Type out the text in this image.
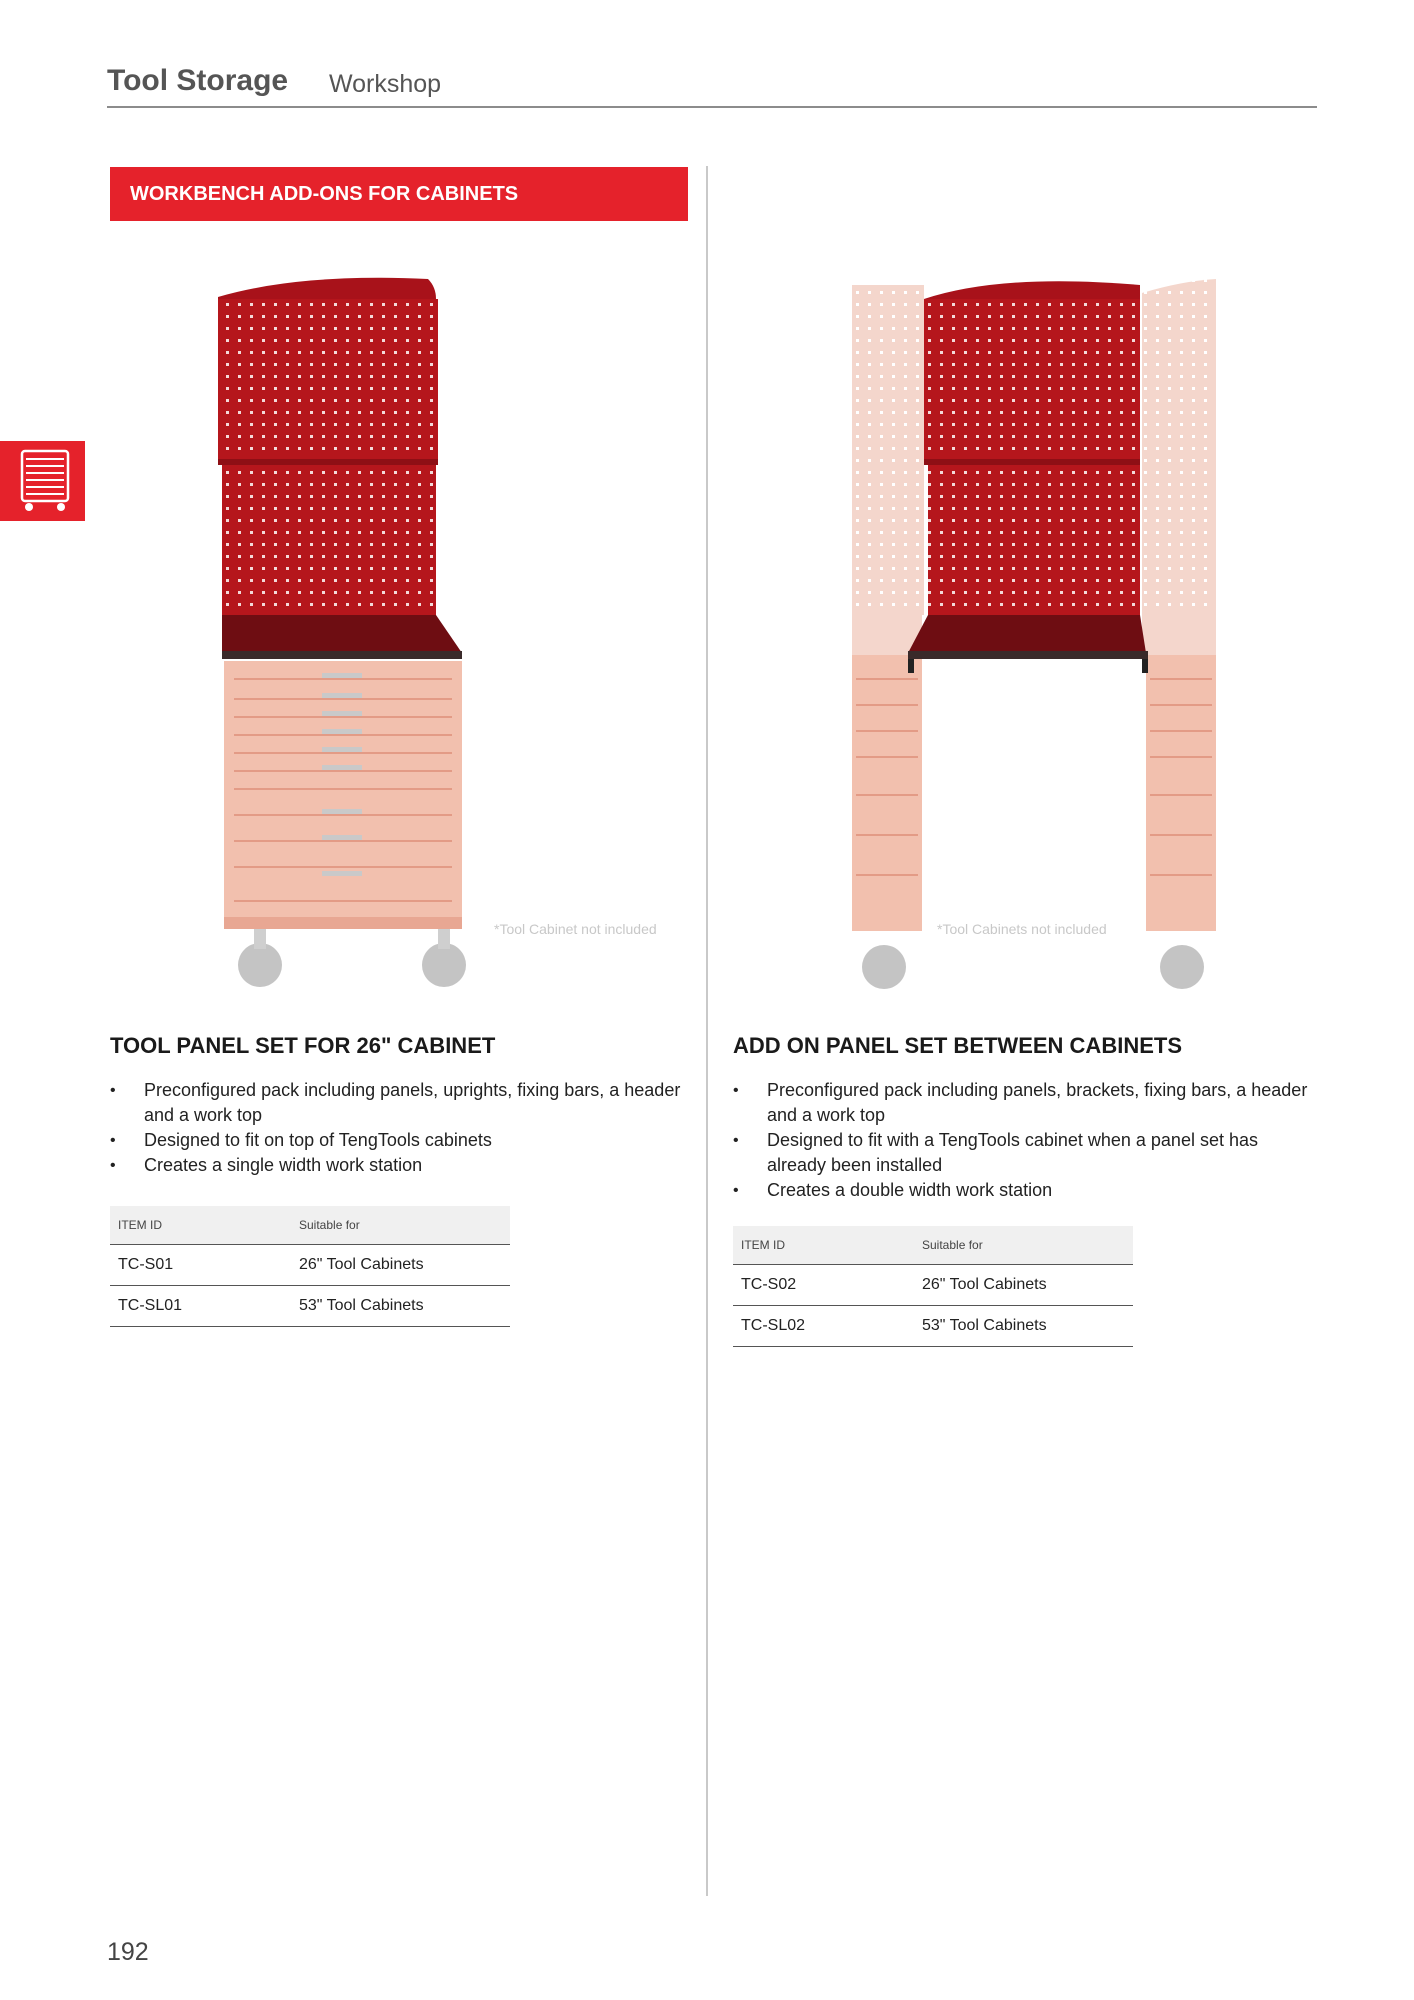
Tool Storage Workshop
WORKBENCH ADD-ONS FOR CABINETS
*Tool Cabinet not included	*Tool Cabinets not included
TOOL PANEL SET FOR 26" CABINET
• Preconfigured pack including panels, uprights, fixing bars, a header and a work top
• Designed to fit on top of TengTools cabinets
• Creates a single width work station
ITEM ID	Suitable for
TC-S01	26" Tool Cabinets
TC-SL01	53" Tool Cabinets
ADD ON PANEL SET BETWEEN CABINETS
• Preconfigured pack including panels, brackets, fixing bars, a header and a work top
• Designed to fit with a TengTools cabinet when a panel set has already been installed
• Creates a double width work station
ITEM ID	Suitable for
TC-S02	26" Tool Cabinets
TC-SL02	53" Tool Cabinets
192
